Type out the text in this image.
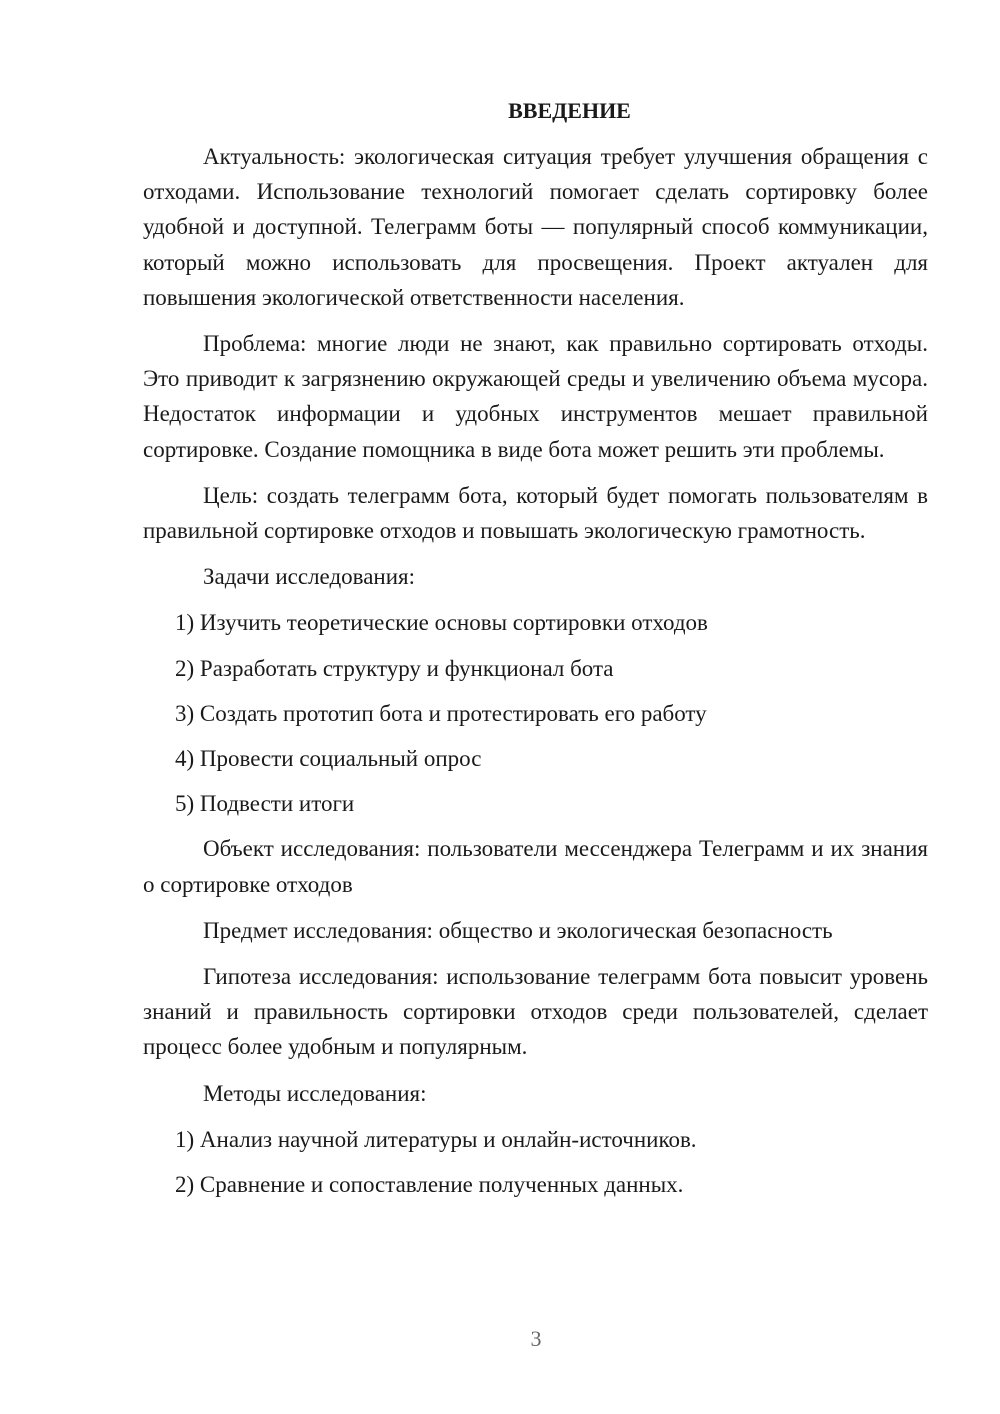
ВВЕДЕНИЕ

Актуальность: экологическая ситуация требует улучшения обращения с отходами. Использование технологий помогает сделать сортировку более удобной и доступной. Телеграмм боты — популярный способ коммуникации, который можно использовать для просвещения. Проект актуален для повышения экологической ответственности населения.

Проблема: многие люди не знают, как правильно сортировать отходы. Это приводит к загрязнению окружающей среды и увеличению объема мусора. Недостаток информации и удобных инструментов мешает правильной сортировке. Создание помощника в виде бота может решить эти проблемы.

Цель: создать телеграмм бота, который будет помогать пользователям в правильной сортировке отходов и повышать экологическую грамотность.

Задачи исследования:

1) Изучить теоретические основы сортировки отходов
2) Разработать структуру и функционал бота
3) Создать прототип бота и протестировать его работу
4) Провести социальный опрос
5) Подвести итоги

Объект исследования: пользователи мессенджера Телеграмм и их знания о сортировке отходов

Предмет исследования: общество и экологическая безопасность

Гипотеза исследования: использование телеграмм бота повысит уровень знаний и правильность сортировки отходов среди пользователей, сделает процесс более удобным и популярным.

Методы исследования:

1) Анализ научной литературы и онлайн-источников.
2) Сравнение и сопоставление полученных данных.
3
